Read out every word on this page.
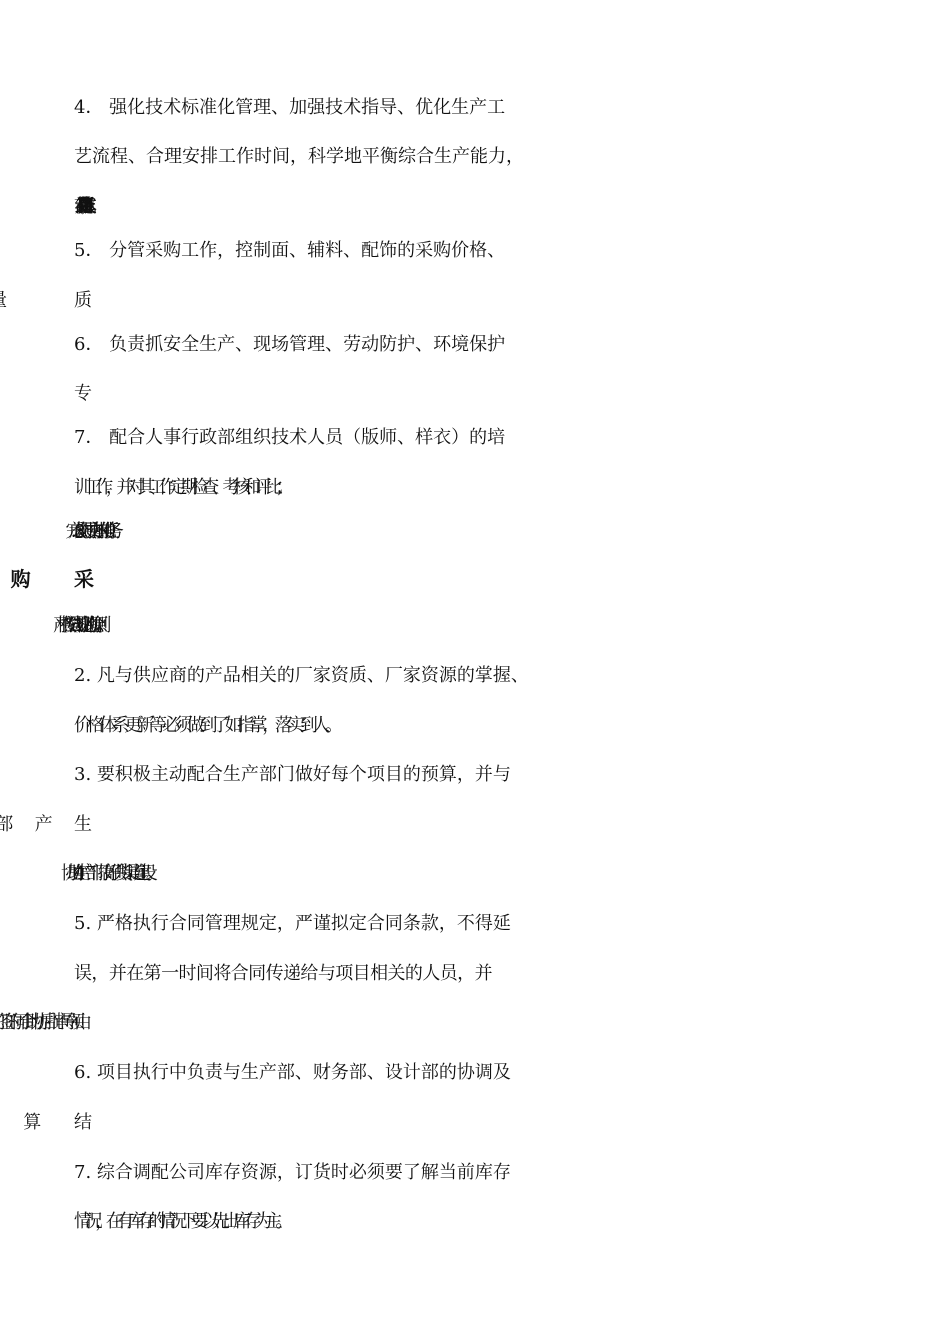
4． 强化技术标准化管理、加强技术指导、优化生产工
艺流程、合理安排工作时间，科学地平衡综合生产能力，
节约产品制造费用、降低生产成本；
5． 分管采购工作，控制面、辅料、配饰的采购价格、
6． 负责抓安全生产、现场管理、劳动防护、环境保护
7． 配合人事行政部组织技术人员（版师、样衣）的培
训工作，并对其工作定期检查、考核和评比；
8． 完成公司领导交办的其他任务。
1. 严格按照公司规定的询价原则。
2. 凡与供应商的产品相关的厂家资质、厂家资源的掌握、
价格体系更新等必须做到了如指掌，落实到人。
3. 要积极主动配合生产部门做好每个项目的预算，并与
4. 协助生产部门搞好供货渠道建设。
5. 严格执行合同管理规定，严谨拟定合同条款，不得延
误，并在第一时间将合同传递给与项目相关的人员，并
6. 项目执行中负责与生产部、财务部、设计部的协调及
7. 综合调配公司库存资源，订货时必须要了解当前库存
情况，在有库存的情况下要以先出库存为主。
